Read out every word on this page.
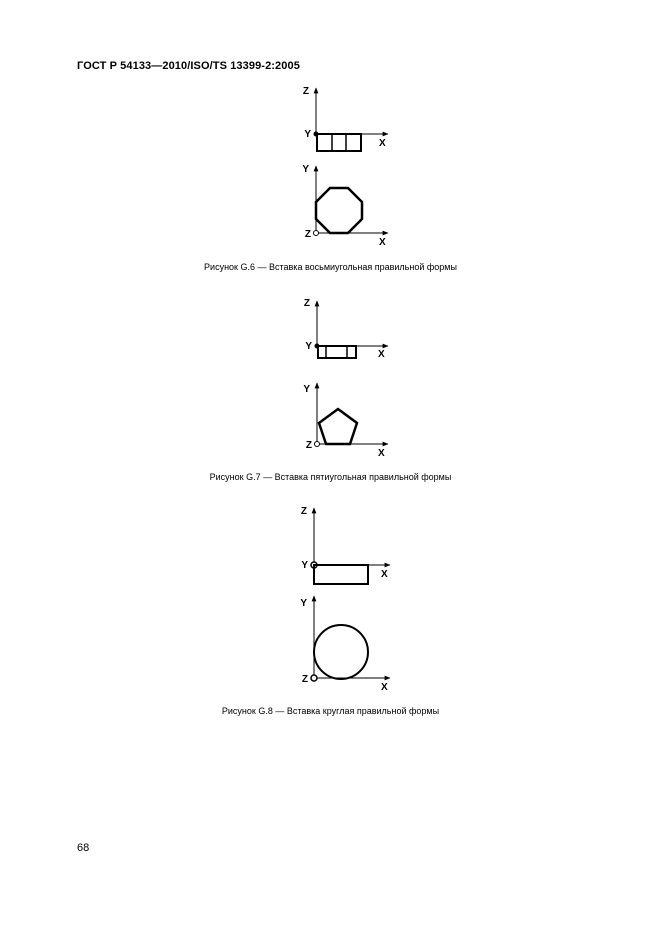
ГОСТ Р 54133—2010/ISO/TS 13399-2:2005
Z
Y
X
Y
Z
X
Z
Y
X
Y
Z
X
Z
Y
X
Y
Z
X
Рисунок G.6 — Вставка восьмиугольная правильной формы
Рисунок G.7 — Вставка пятиугольная правильной формы
Рисунок G.8 — Вставка круглая правильной формы
68
